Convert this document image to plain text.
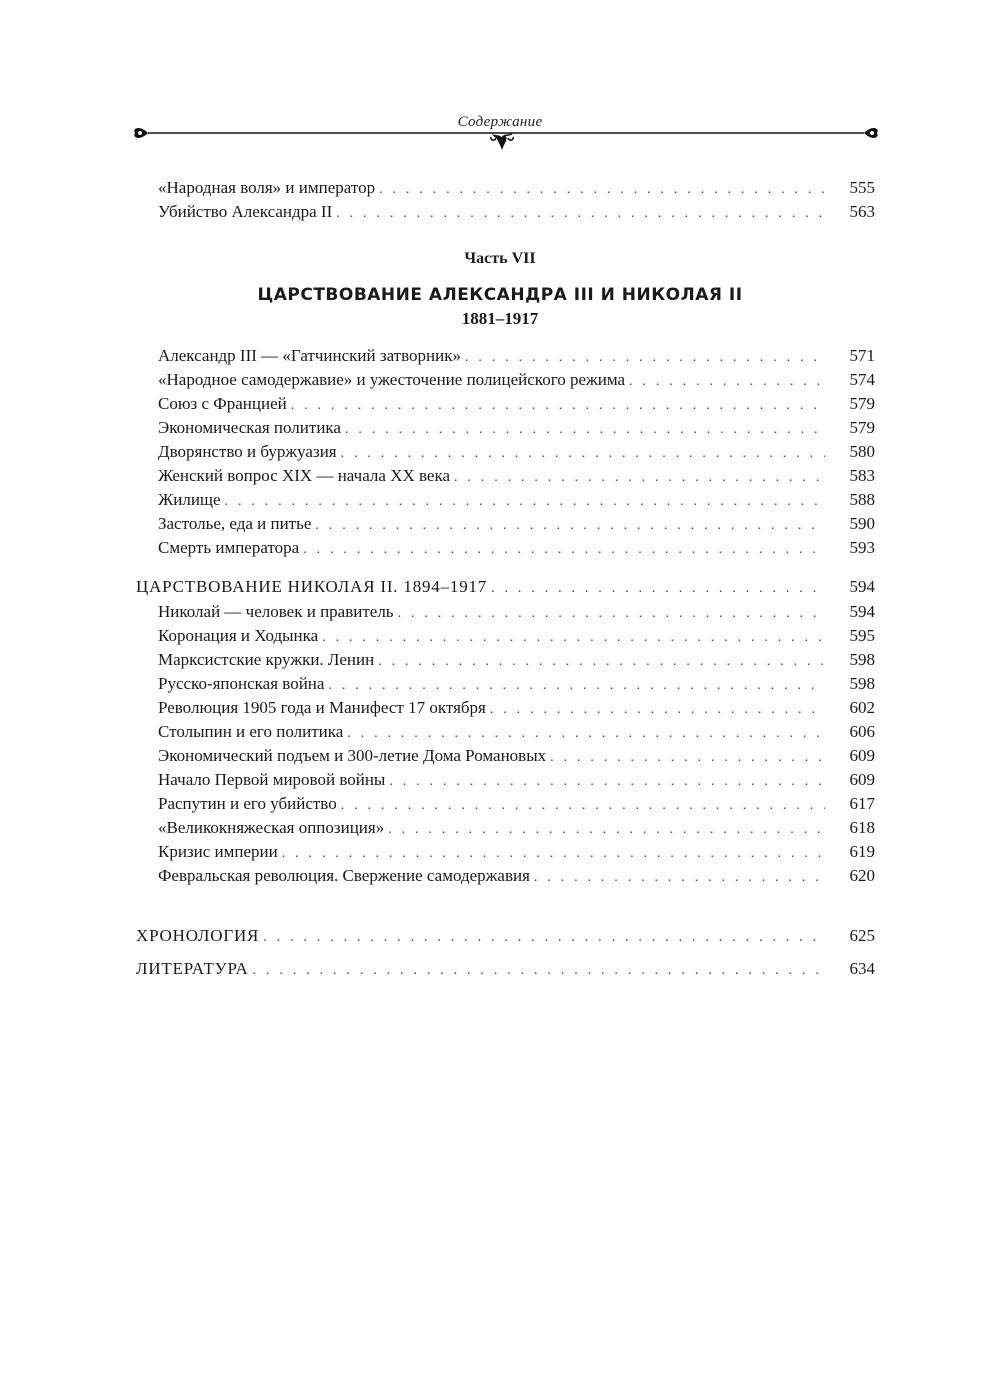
Содержание
«Народная воля» и император . . .	555
Убийство Александра II . . .	563
Часть VII
ЦАРСТВОВАНИЕ АЛЕКСАНДРА III И НИКОЛАЯ II
1881–1917
Александр III — «Гатчинский затворник» . . .	571
«Народное самодержавие» и ужесточение полицейского режима . . .	574
Союз с Францией . . .	579
Экономическая политика . . .	579
Дворянство и буржуазия . . .	580
Женский вопрос XIX — начала XX века . . .	583
Жилище . . .	588
Застолье, еда и питье . . .	590
Смерть императора . . .	593
ЦАРСТВОВАНИЕ НИКОЛАЯ II. 1894–1917 . . .	594
Николай — человек и правитель . . .	594
Коронация и Ходынка . . .	595
Марксистские кружки. Ленин . . .	598
Русско-японская война . . .	598
Революция 1905 года и Манифест 17 октября . . .	602
Столыпин и его политика . . .	606
Экономический подъем и 300-летие Дома Романовых . . .	609
Начало Первой мировой войны . . .	609
Распутин и его убийство . . .	617
«Великокняжеская оппозиция» . . .	618
Кризис империи . . .	619
Февральская революция. Свержение самодержавия . . .	620
ХРОНОЛОГИЯ . . .	625
ЛИТЕРАТУРА . . .	634
